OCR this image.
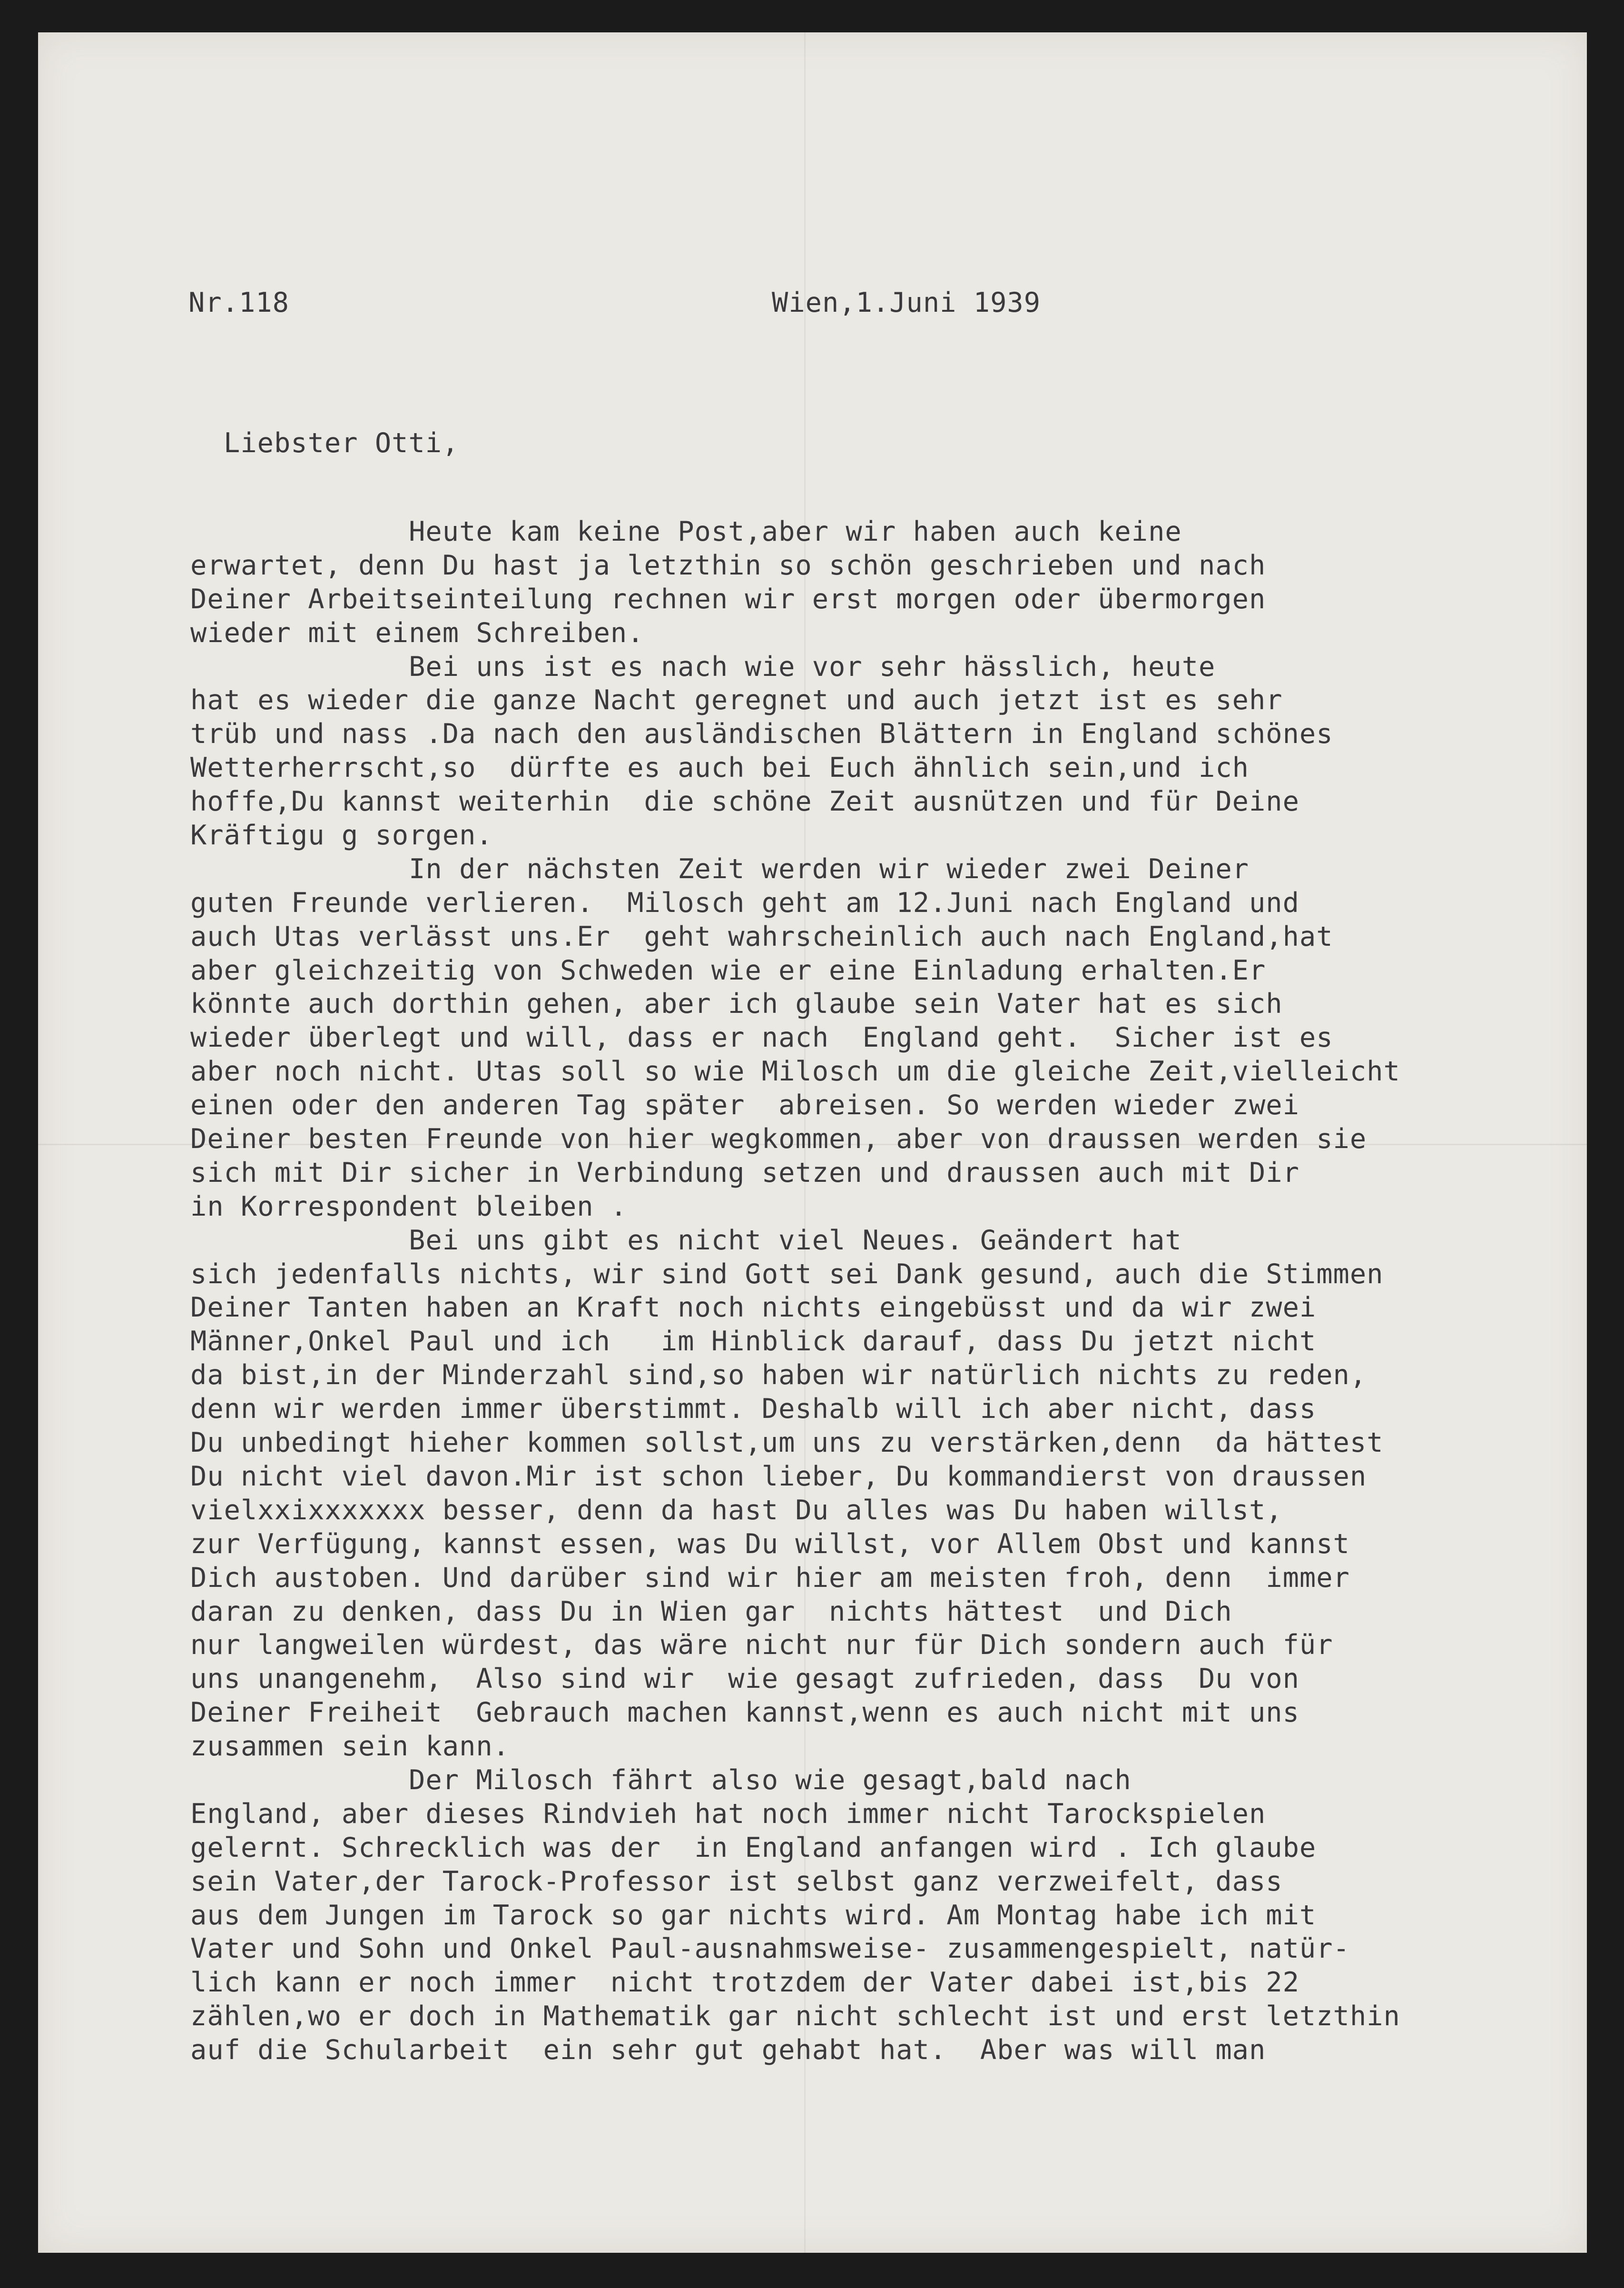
Nr.118	Wien,1.Juni 1939
Liebster Otti,
Heute kam keine Post,aber wir haben auch keine
erwartet, denn Du hast ja letzthin so schön geschrieben und nach
Deiner Arbeitseinteilung rechnen wir erst morgen oder übermorgen
wieder mit einem Schreiben.
Bei uns ist es nach wie vor sehr hässlich, heute
hat es wieder die ganze Nacht geregnet und auch jetzt ist es sehr
trüb und nass .Da nach den ausländischen Blättern in England schönes
Wetterherrscht,so  dürfte es auch bei Euch ähnlich sein,und ich
hoffe,Du kannst weiterhin  die schöne Zeit ausnützen und für Deine
Kräftigu g sorgen.
In der nächsten Zeit werden wir wieder zwei Deiner
guten Freunde verlieren.  Milosch geht am 12.Juni nach England und
auch Utas verlässt uns.Er  geht wahrscheinlich auch nach England,hat
aber gleichzeitig von Schweden wie er eine Einladung erhalten.Er
könnte auch dorthin gehen, aber ich glaube sein Vater hat es sich
wieder überlegt und will, dass er nach  England geht.  Sicher ist es
aber noch nicht. Utas soll so wie Milosch um die gleiche Zeit,vielleicht
einen oder den anderen Tag später  abreisen. So werden wieder zwei
Deiner besten Freunde von hier wegkommen, aber von draussen werden sie
sich mit Dir sicher in Verbindung setzen und draussen auch mit Dir
in Korrespondent bleiben .
Bei uns gibt es nicht viel Neues. Geändert hat
sich jedenfalls nichts, wir sind Gott sei Dank gesund, auch die Stimmen
Deiner Tanten haben an Kraft noch nichts eingebüsst und da wir zwei
Männer,Onkel Paul und ich   im Hinblick darauf, dass Du jetzt nicht
da bist,in der Minderzahl sind,so haben wir natürlich nichts zu reden,
denn wir werden immer überstimmt. Deshalb will ich aber nicht, dass
Du unbedingt hieher kommen sollst,um uns zu verstärken,denn  da hättest
Du nicht viel davon.Mir ist schon lieber, Du kommandierst von draussen
vielxxixxxxxxx besser, denn da hast Du alles was Du haben willst,
zur Verfügung, kannst essen, was Du willst, vor Allem Obst und kannst
Dich austoben. Und darüber sind wir hier am meisten froh, denn  immer
daran zu denken, dass Du in Wien gar  nichts hättest  und Dich
nur langweilen würdest, das wäre nicht nur für Dich sondern auch für
uns unangenehm,  Also sind wir  wie gesagt zufrieden, dass  Du von
Deiner Freiheit  Gebrauch machen kannst,wenn es auch nicht mit uns
zusammen sein kann.
Der Milosch fährt also wie gesagt,bald nach
England, aber dieses Rindvieh hat noch immer nicht Tarockspielen
gelernt. Schrecklich was der  in England anfangen wird . Ich glaube
sein Vater,der Tarock-Professor ist selbst ganz verzweifelt, dass
aus dem Jungen im Tarock so gar nichts wird. Am Montag habe ich mit
Vater und Sohn und Onkel Paul-ausnahmsweise- zusammengespielt, natür-
lich kann er noch immer  nicht trotzdem der Vater dabei ist,bis 22
zählen,wo er doch in Mathematik gar nicht schlecht ist und erst letzthin
auf die Schularbeit  ein sehr gut gehabt hat.  Aber was will man
